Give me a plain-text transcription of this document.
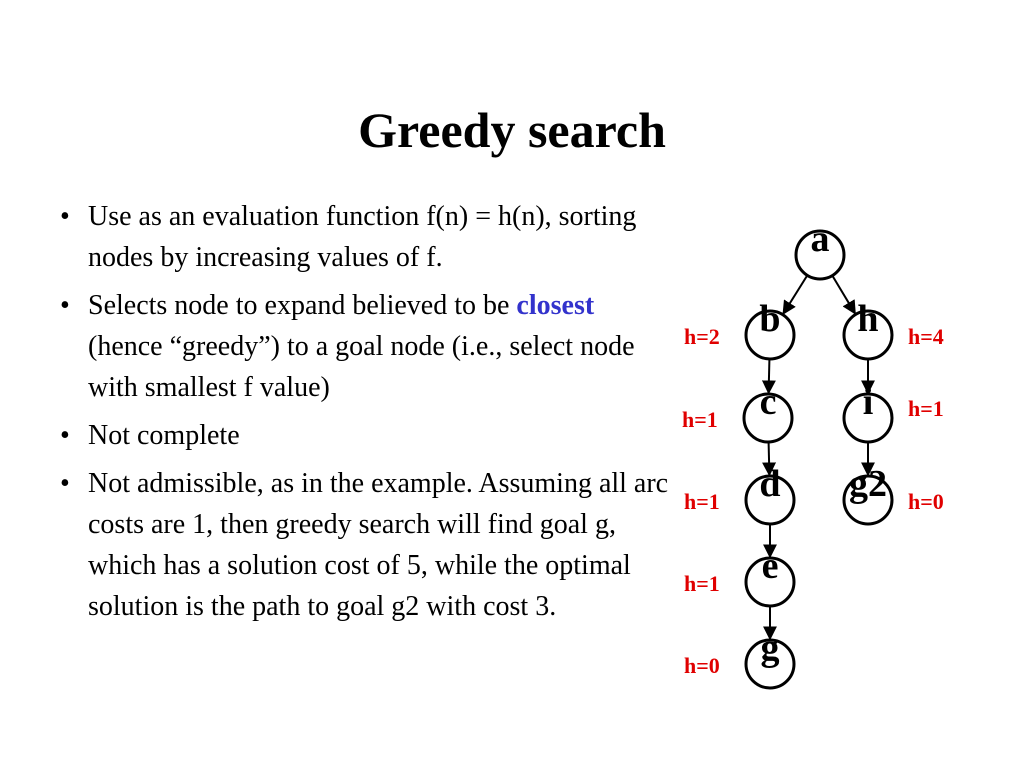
Greedy search
• Use as an evaluation function f(n) = h(n), sorting nodes by increasing values of f.
• Selects node to expand believed to be closest (hence “greedy”) to a goal node (i.e., select node with smallest f value)
• Not complete
• Not admissible, as in the example. Assuming all arc costs are 1, then greedy search will find goal g, which has a solution cost of 5, while the optimal solution is the path to goal g2 with cost 3.
a
b h
c i
d g2
e
g
h=2	h=4
h=1	h=1
h=1	h=0
h=1
h=0
